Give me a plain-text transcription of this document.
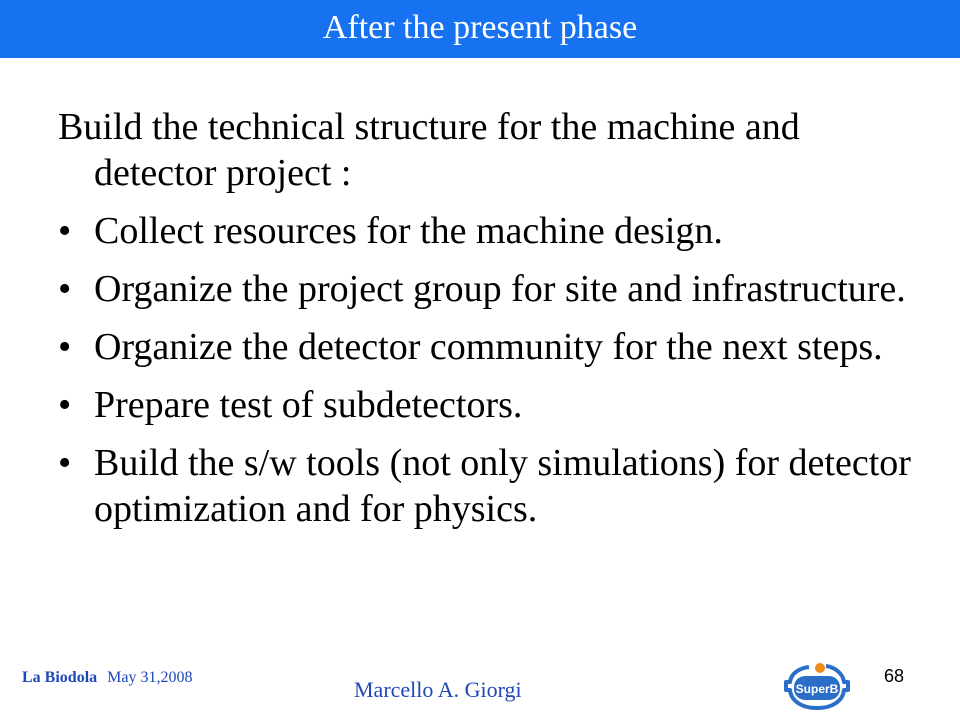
After the present phase

Build the technical structure for the machine and detector project :

• Collect resources for the machine design.
• Organize the project group for site and infrastructure.
• Organize the detector community for the next steps.
• Prepare test of subdetectors.
• Build the s/w tools (not only simulations) for detector optimization and for physics.
La Biodola May 31,2008	Marcello A. Giorgi
68
SuperB
